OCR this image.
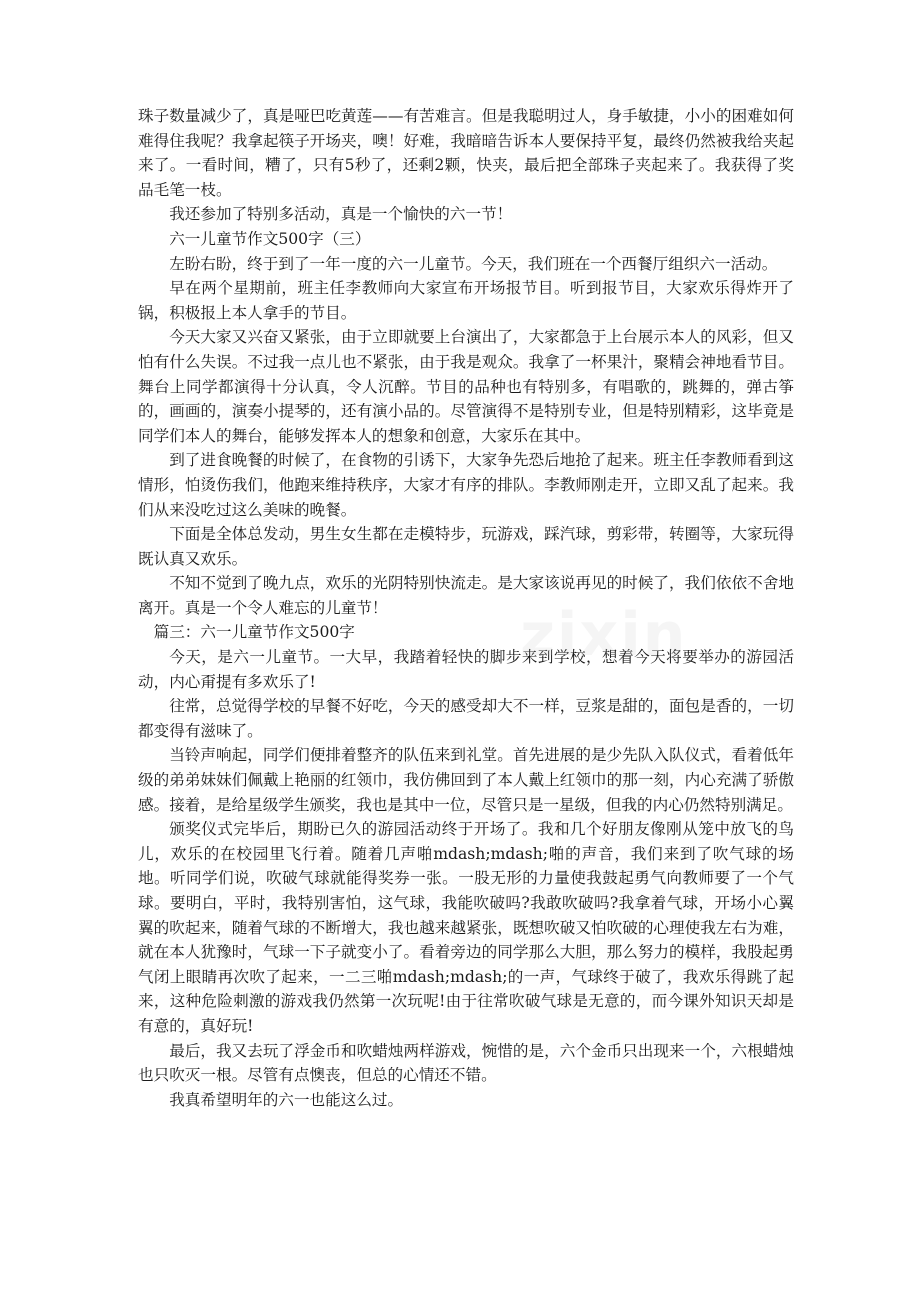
珠子数量减少了，真是哑巴吃黄莲——有苦难言。但是我聪明过人，身手敏捷，小小的困难如何难得住我呢？我拿起筷子开场夹，噢！好难，我暗暗告诉本人要保持平复，最终仍然被我给夹起来了。一看时间，糟了，只有5秒了，还剩2颗，快夹，最后把全部珠子夹起来了。我获得了奖品毛笔一枝。

我还参加了特别多活动，真是一个愉快的六一节！

六一儿童节作文500字（三）

左盼右盼，终于到了一年一度的六一儿童节。今天，我们班在一个西餐厅组织六一活动。

早在两个星期前，班主任李教师向大家宣布开场报节目。听到报节目，大家欢乐得炸开了锅，积极报上本人拿手的节目。

今天大家又兴奋又紧张，由于立即就要上台演出了，大家都急于上台展示本人的风彩，但又怕有什么失误。不过我一点儿也不紧张，由于我是观众。我拿了一杯果汁，聚精会神地看节目。舞台上同学都演得十分认真，令人沉醉。节目的品种也有特别多，有唱歌的，跳舞的，弹古筝的，画画的，演奏小提琴的，还有演小品的。尽管演得不是特别专业，但是特别精彩，这毕竟是同学们本人的舞台，能够发挥本人的想象和创意，大家乐在其中。

到了进食晚餐的时候了，在食物的引诱下，大家争先恐后地抢了起来。班主任李教师看到这情形，怕烫伤我们，他跑来维持秩序，大家才有序的排队。李教师刚走开，立即又乱了起来。我们从来没吃过这么美味的晚餐。

下面是全体总发动，男生女生都在走模特步，玩游戏，踩汽球，剪彩带，转圈等，大家玩得既认真又欢乐。

不知不觉到了晚九点，欢乐的光阴特别快流走。是大家该说再见的时候了，我们依依不舍地离开。真是一个令人难忘的儿童节！

篇三：六一儿童节作文500字

今天，是六一儿童节。一大早，我踏着轻快的脚步来到学校，想着今天将要举办的游园活动，内心甭提有多欢乐了!

往常，总觉得学校的早餐不好吃，今天的感受却大不一样，豆浆是甜的，面包是香的，一切都变得有滋味了。

当铃声响起，同学们便排着整齐的队伍来到礼堂。首先进展的是少先队入队仪式，看着低年级的弟弟妹妹们佩戴上艳丽的红领巾，我仿佛回到了本人戴上红领巾的那一刻，内心充满了骄傲感。接着，是给星级学生颁奖，我也是其中一位，尽管只是一星级，但我的内心仍然特别满足。

颁奖仪式完毕后，期盼已久的游园活动终于开场了。我和几个好朋友像刚从笼中放飞的鸟儿，欢乐的在校园里飞行着。随着几声啪mdash;mdash;啪的声音，我们来到了吹气球的场地。听同学们说，吹破气球就能得奖券一张。一股无形的力量使我鼓起勇气向教师要了一个气球。要明白，平时，我特别害怕，这气球，我能吹破吗?我敢吹破吗?我拿着气球，开场小心翼翼的吹起来，随着气球的不断增大，我也越来越紧张，既想吹破又怕吹破的心理使我左右为难，就在本人犹豫时，气球一下子就变小了。看着旁边的同学那么大胆，那么努力的模样，我股起勇气闭上眼睛再次吹了起来，一二三啪mdash;mdash;的一声，气球终于破了，我欢乐得跳了起来，这种危险刺激的游戏我仍然第一次玩呢!由于往常吹破气球是无意的，而今课外知识天却是有意的，真好玩!

最后，我又去玩了浮金币和吹蜡烛两样游戏，惋惜的是，六个金币只出现来一个，六根蜡烛也只吹灭一根。尽管有点懊丧，但总的心情还不错。

我真希望明年的六一也能这么过。

zixin
